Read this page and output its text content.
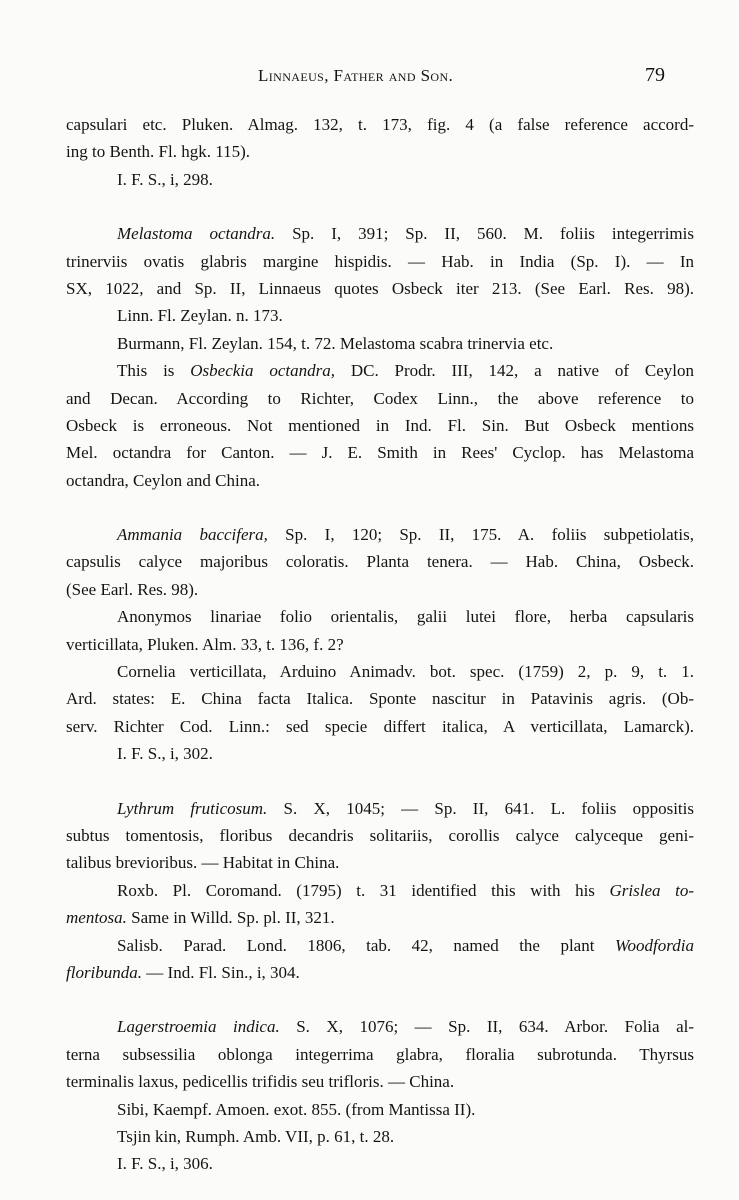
Linnaeus, Father and Son.	79
capsulari etc. Pluken. Almag. 132, t. 173, fig. 4 (a false reference accord-
ing to Benth. Fl. hgk. 115).
I. F. S., i, 298.
Melastoma octandra. Sp. I, 391; Sp. II, 560. M. foliis integerrimis
trinerviis ovatis glabris margine hispidis. — Hab. in India (Sp. I). — In
SX, 1022, and Sp. II, Linnaeus quotes Osbeck iter 213. (See Earl. Res. 98).
Linn. Fl. Zeylan. n. 173.
Burmann, Fl. Zeylan. 154, t. 72. Melastoma scabra trinervia etc.
This is Osbeckia octandra, DC. Prodr. III, 142, a native of Ceylon
and Decan. According to Richter, Codex Linn., the above reference to
Osbeck is erroneous. Not mentioned in Ind. Fl. Sin. But Osbeck mentions
Mel. octandra for Canton. — J. E. Smith in Rees' Cyclop. has Melastoma
octandra, Ceylon and China.
Ammania baccifera, Sp. I, 120; Sp. II, 175. A. foliis subpetiolatis,
capsulis calyce majoribus coloratis. Planta tenera. — Hab. China, Osbeck.
(See Earl. Res. 98).
Anonymos linariae folio orientalis, galii lutei flore, herba capsularis
verticillata, Pluken. Alm. 33, t. 136, f. 2?
Cornelia verticillata, Arduino Animadv. bot. spec. (1759) 2, p. 9, t. 1.
Ard. states: E. China facta Italica. Sponte nascitur in Patavinis agris. (Ob-
serv. Richter Cod. Linn.: sed specie differt italica, A verticillata, Lamarck).
I. F. S., i, 302.
Lythrum fruticosum. S. X, 1045; — Sp. II, 641. L. foliis oppositis
subtus tomentosis, floribus decandris solitariis, corollis calyce calyceque geni-
talibus brevioribus. — Habitat in China.
Roxb. Pl. Coromand. (1795) t. 31 identified this with his Grislea to-
mentosa. Same in Willd. Sp. pl. II, 321.
Salisb. Parad. Lond. 1806, tab. 42, named the plant Woodfordia
floribunda. — Ind. Fl. Sin., i, 304.
Lagerstroemia indica. S. X, 1076; — Sp. II, 634. Arbor. Folia al-
terna subsessilia oblonga integerrima glabra, floralia subrotunda. Thyrsus
terminalis laxus, pedicellis trifidis seu trifloris. — China.
Sibi, Kaempf. Amoen. exot. 855. (from Mantissa II).
Tsjin kin, Rumph. Amb. VII, p. 61, t. 28.
I. F. S., i, 306.
